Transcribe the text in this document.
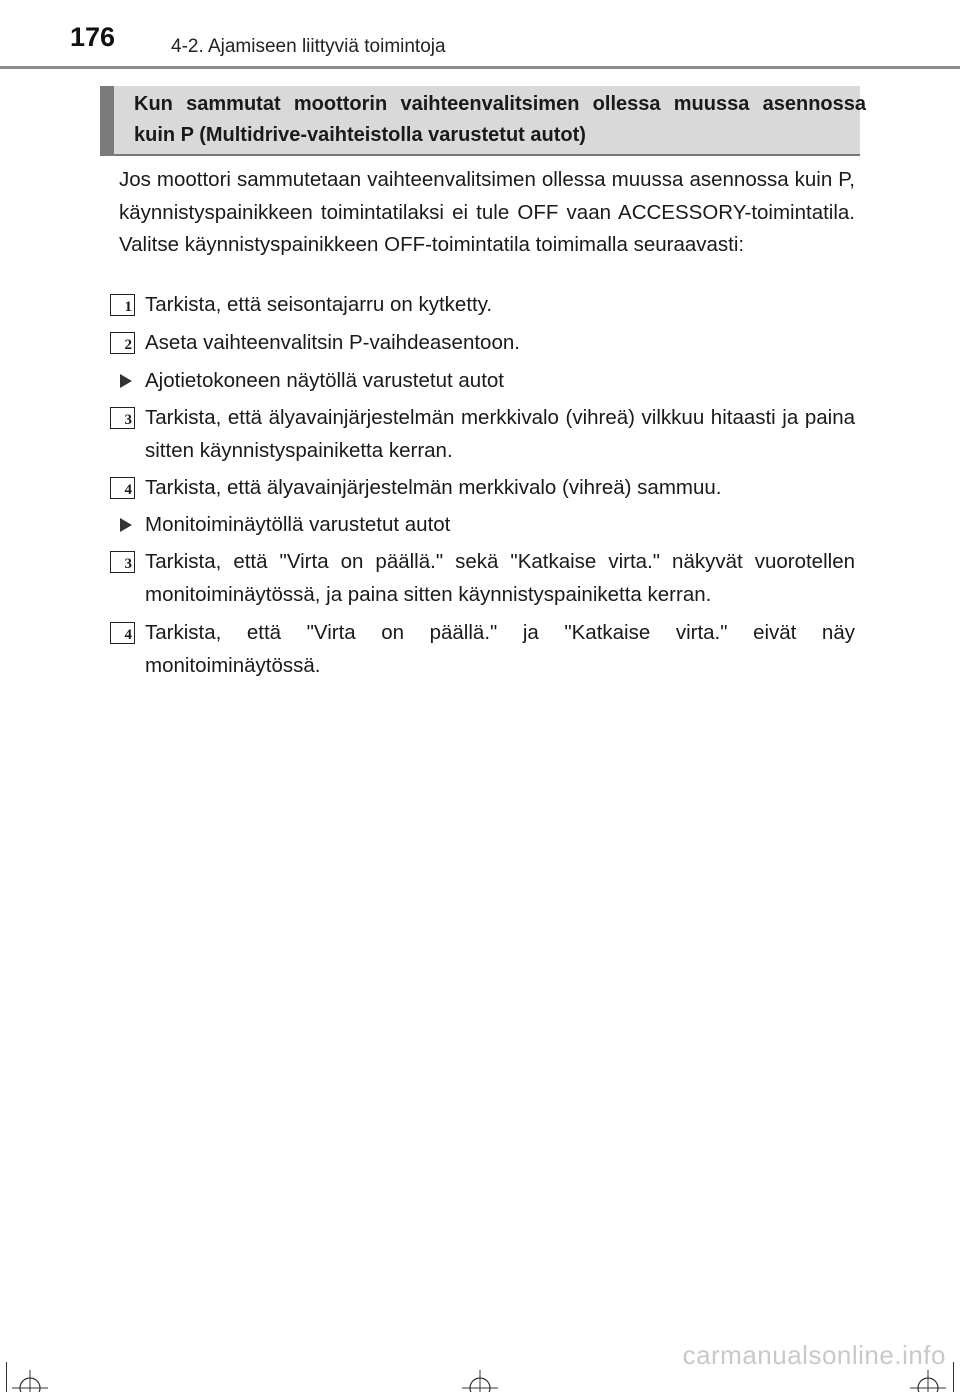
176	4-2. Ajamiseen liittyviä toimintoja
Kun sammutat moottorin vaihteenvalitsimen ollessa muussa asennossa kuin P (Multidrive-vaihteistolla varustetut autot)
Jos moottori sammutetaan vaihteenvalitsimen ollessa muussa asennossa kuin P, käynnistyspainikkeen toimintatilaksi ei tule OFF vaan ACCESSORY-toimintatila. Valitse käynnistyspainikkeen OFF-toimintatila toimimalla seuraavasti:
1 Tarkista, että seisontajarru on kytketty.
2 Aseta vaihteenvalitsin P-vaihdeasentoon.
Ajotietokoneen näytöllä varustetut autot
3 Tarkista, että älyavainjärjestelmän merkkivalo (vihreä) vilkkuu hitaasti ja paina sitten käynnistyspainiketta kerran.
4 Tarkista, että älyavainjärjestelmän merkkivalo (vihreä) sammuu.
Monitoiminäytöllä varustetut autot
3 Tarkista, että "Virta on päällä." sekä "Katkaise virta." näkyvät vuorotellen monitoiminäytössä, ja paina sitten käynnistyspainiketta kerran.
4 Tarkista, että "Virta on päällä." ja "Katkaise virta." eivät näy monitoiminäytössä.
carmanualsonline.info
